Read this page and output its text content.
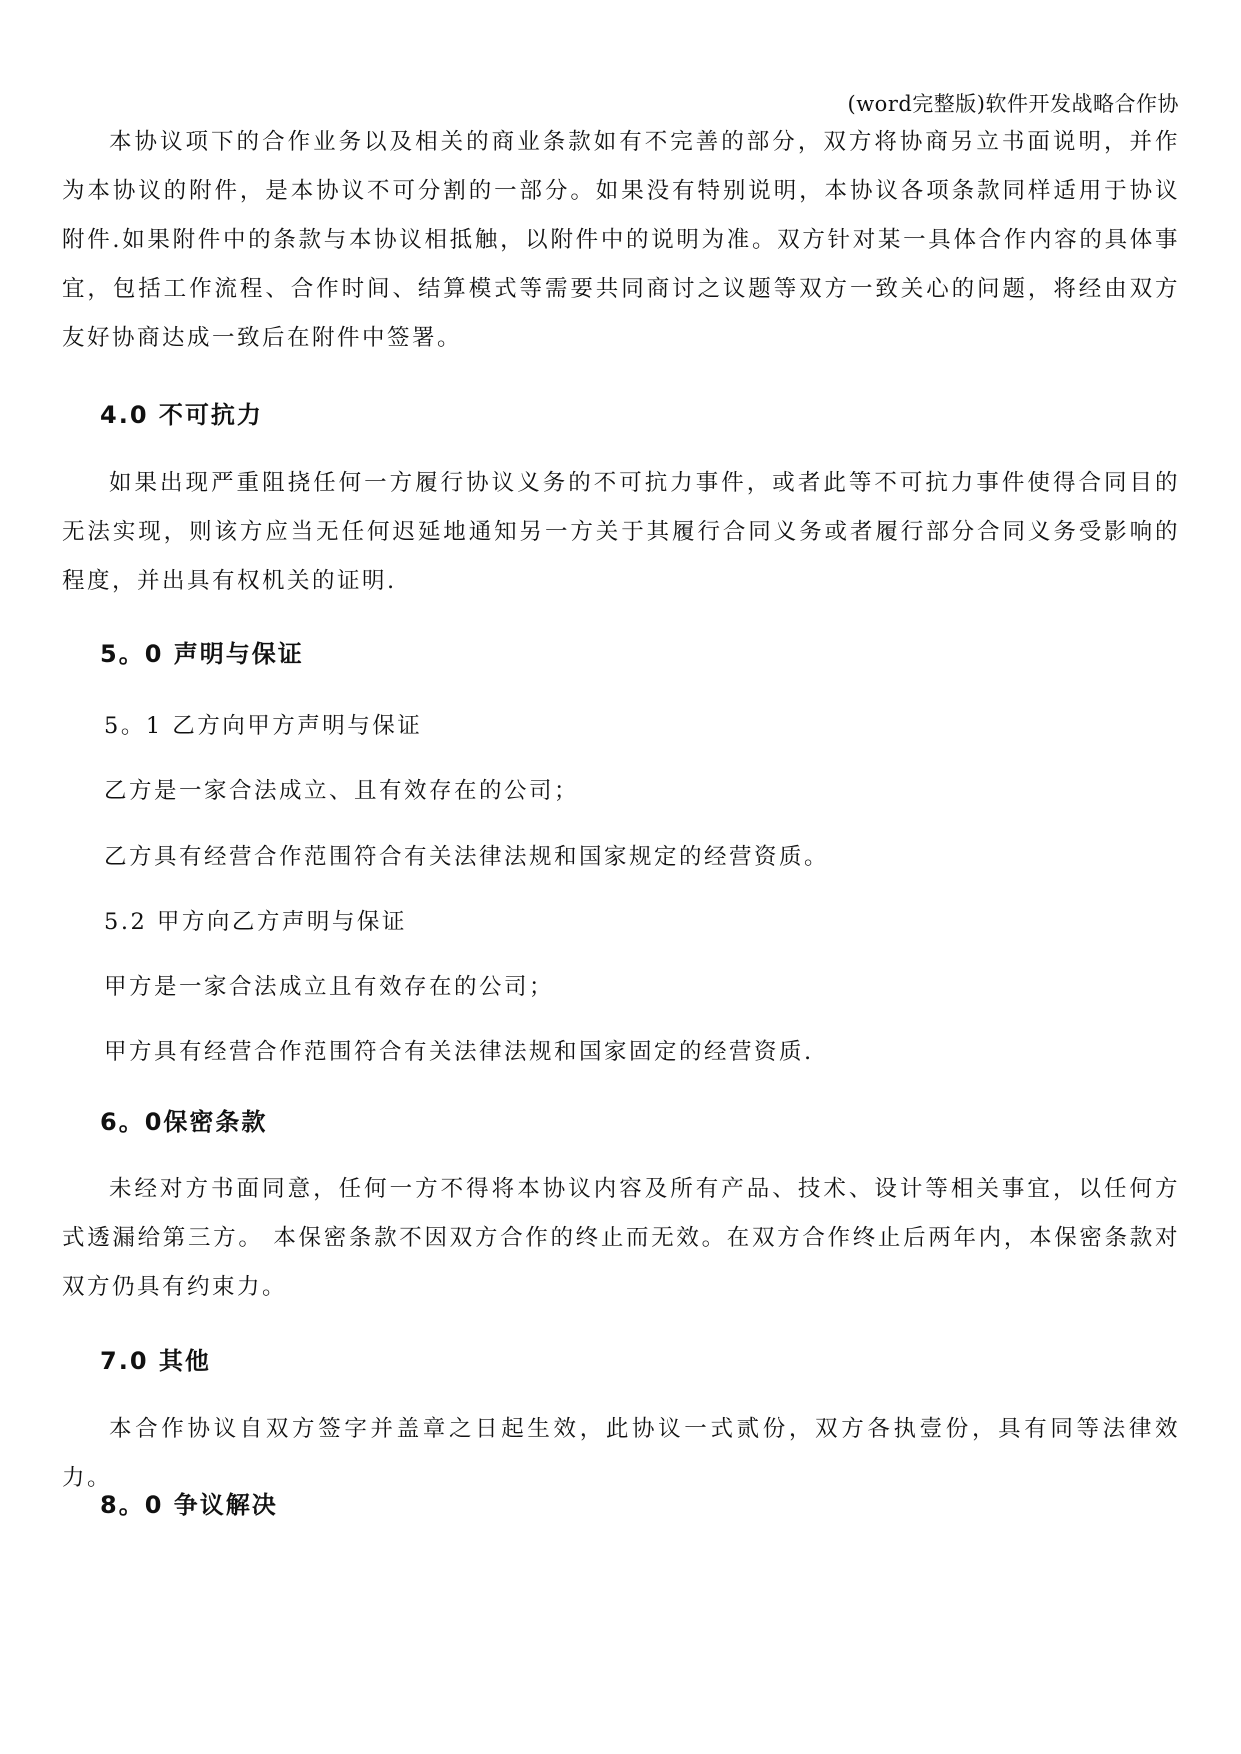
(word完整版)软件开发战略合作协

本协议项下的合作业务以及相关的商业条款如有不完善的部分，双方将协商另立书面说明，并作为本协议的附件，是本协议不可分割的一部分。如果没有特别说明，本协议各项条款同样适用于协议附件.如果附件中的条款与本协议相抵触，以附件中的说明为准。双方针对某一具体合作内容的具体事宜，包括工作流程、合作时间、结算模式等需要共同商讨之议题等双方一致关心的问题，将经由双方友好协商达成一致后在附件中签署。

4.0 不可抗力

如果出现严重阻挠任何一方履行协议义务的不可抗力事件，或者此等不可抗力事件使得合同目的无法实现，则该方应当无任何迟延地通知另一方关于其履行合同义务或者履行部分合同义务受影响的程度，并出具有权机关的证明.

5。0 声明与保证

5。1 乙方向甲方声明与保证

乙方是一家合法成立、且有效存在的公司；

乙方具有经营合作范围符合有关法律法规和国家规定的经营资质。

5.2 甲方向乙方声明与保证

甲方是一家合法成立且有效存在的公司；

甲方具有经营合作范围符合有关法律法规和国家固定的经营资质.

6。0保密条款

未经对方书面同意，任何一方不得将本协议内容及所有产品、技术、设计等相关事宜，以任何方式透漏给第三方。 本保密条款不因双方合作的终止而无效。在双方合作终止后两年内，本保密条款对双方仍具有约束力。

7.0 其他

本合作协议自双方签字并盖章之日起生效，此协议一式贰份，双方各执壹份，具有同等法律效力。

8。0 争议解决
